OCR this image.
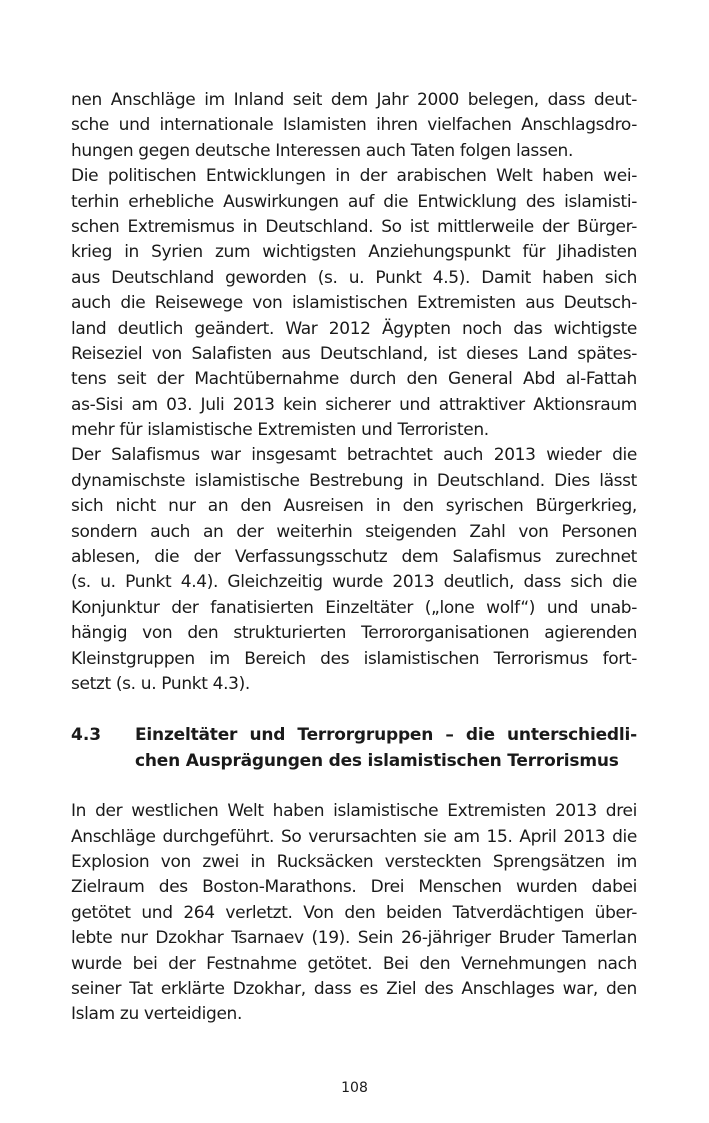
nen Anschläge im Inland seit dem Jahr 2000 belegen, dass deut-
sche und internationale Islamisten ihren vielfachen Anschlagsdro-
hungen gegen deutsche Interessen auch Taten folgen lassen.
Die politischen Entwicklungen in der arabischen Welt haben wei-
terhin erhebliche Auswirkungen auf die Entwicklung des islamisti-
schen Extremismus in Deutschland. So ist mittlerweile der Bürger-
krieg in Syrien zum wichtigsten Anziehungspunkt für Jihadisten
aus Deutschland geworden (s. u. Punkt 4.5). Damit haben sich
auch die Reisewege von islamistischen Extremisten aus Deutsch-
land deutlich geändert. War 2012 Ägypten noch das wichtigste
Reiseziel von Salafisten aus Deutschland, ist dieses Land spätes-
tens seit der Machtübernahme durch den General Abd al-Fattah
as-Sisi am 03. Juli 2013 kein sicherer und attraktiver Aktionsraum
mehr für islamistische Extremisten und Terroristen.
Der Salafismus war insgesamt betrachtet auch 2013 wieder die
dynamischste islamistische Bestrebung in Deutschland. Dies lässt
sich nicht nur an den Ausreisen in den syrischen Bürgerkrieg,
sondern auch an der weiterhin steigenden Zahl von Personen
ablesen, die der Verfassungsschutz dem Salafismus zurechnet
(s. u. Punkt 4.4). Gleichzeitig wurde 2013 deutlich, dass sich die
Konjunktur der fanatisierten Einzeltäter („lone wolf“) und unab-
hängig von den strukturierten Terrororganisationen agierenden
Kleinstgruppen im Bereich des islamistischen Terrorismus fort-
setzt (s. u. Punkt 4.3).
4.3	Einzeltäter und Terrorgruppen – die unterschiedli-
chen Ausprägungen des islamistischen Terrorismus
In der westlichen Welt haben islamistische Extremisten 2013 drei
Anschläge durchgeführt. So verursachten sie am 15. April 2013 die
Explosion von zwei in Rucksäcken versteckten Sprengsätzen im
Zielraum des Boston-Marathons. Drei Menschen wurden dabei
getötet und 264 verletzt. Von den beiden Tatverdächtigen über-
lebte nur Dzokhar Tsarnaev (19). Sein 26-jähriger Bruder Tamerlan
wurde bei der Festnahme getötet. Bei den Vernehmungen nach
seiner Tat erklärte Dzokhar, dass es Ziel des Anschlages war, den
Islam zu verteidigen.
108
